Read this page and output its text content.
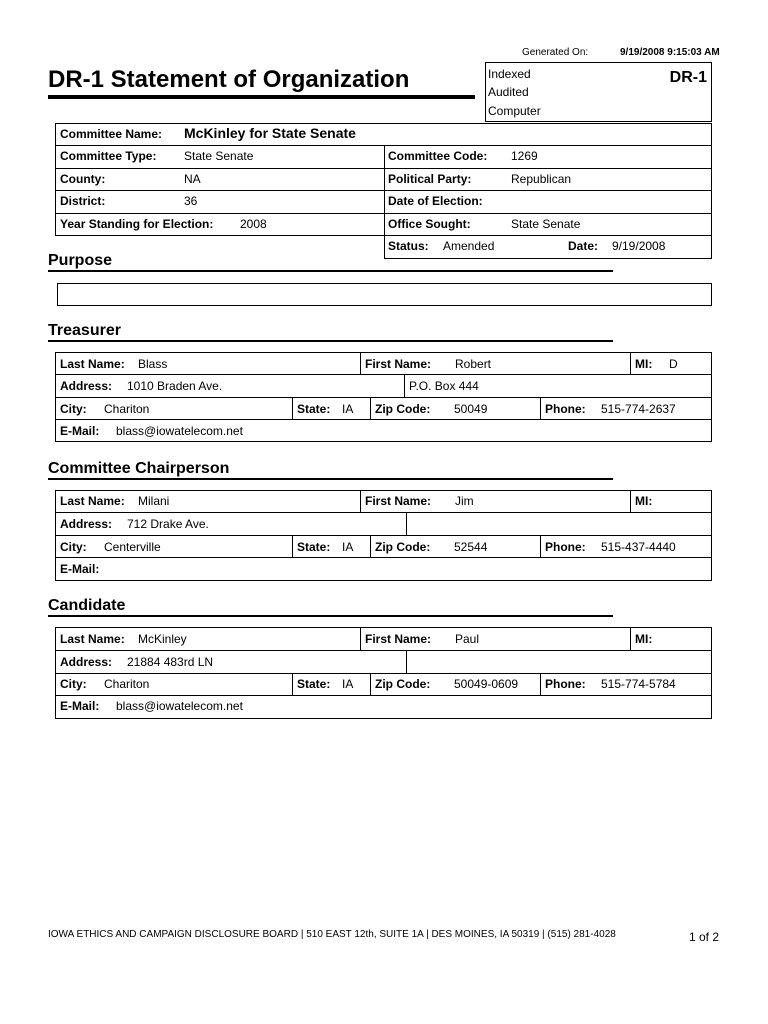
Generated On:	9/19/2008 9:15:03 AM
DR-1 Statement of Organization	Indexed
Audited
Computer
DR-1
Committee Name: McKinley for State Senate
Committee Type: State Senate	Committee Code: 1269
County:	NA	Political Party:	Republican
District:	36	Date of Election:
Year Standing for Election: 2008	Office Sought:	State Senate
Status: Amended	Date: 9/19/2008
Purpose
Treasurer
Last Name: Blass	First Name: Robert	MI: D
Address: 1010 Braden Ave.	P.O. Box 444
City: Chariton	State: IA Zip Code: 50049	Phone: 515-774-2637
E-Mail: blass@iowatelecom.net
Committee Chairperson
Last Name: Milani	First Name: Jim	MI:
Address: 712 Drake Ave.
City: Centerville	State: IA Zip Code: 52544	Phone: 515-437-4440
E-Mail:
Candidate
Last Name: McKinley	First Name: Paul	MI:
Address: 21884 483rd LN
City: Chariton	State: IA Zip Code: 50049-0609 Phone: 515-774-5784
E-Mail: blass@iowatelecom.net
IOWA ETHICS AND CAMPAIGN DISCLOSURE BOARD | 510 EAST 12th, SUITE 1A | DES MOINES, IA 50319 | (515) 281-4028	1 of 2
